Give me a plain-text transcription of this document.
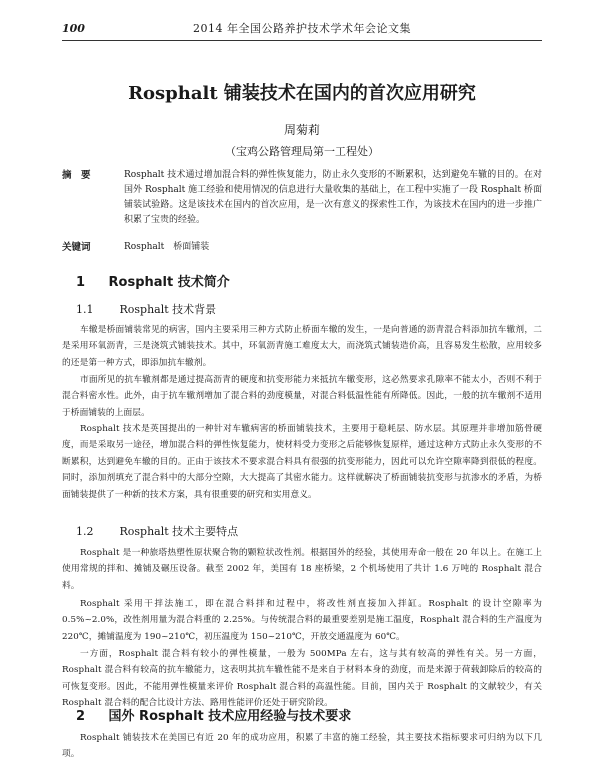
100	2014 年全国公路养护技术学术年会论文集
Rosphalt 铺装技术在国内的首次应用研究
周菊莉
（宝鸡公路管理局第一工程处）
摘　要	Rosphalt 技术通过增加混合料的弹性恢复能力，防止永久变形的不断累积，达到避免车辙的目的。在对国外 Rosphalt 施工经验和使用情况的信息进行大量收集的基础上，在工程中实施了一段 Rosphalt 桥面铺装试验路。这是该技术在国内的首次应用，是一次有意义的探索性工作，为该技术在国内的进一步推广积累了宝贵的经验。
关键词	Rosphalt　桥面铺装
1 Rosphalt 技术简介
1.1 Rosphalt 技术背景
车辙是桥面铺装常见的病害，国内主要采用三种方式防止桥面车辙的发生，一是向普通的沥青混合料添加抗车辙剂，二是采用环氧沥青，三是浇筑式铺装技术。其中，环氧沥青施工难度太大，而浇筑式铺装造价高，且容易发生松散，应用较多的还是第一种方式，即添加抗车辙剂。
市面所见的抗车辙剂都是通过提高沥青的硬度和抗变形能力来抵抗车辙变形，这必然要求孔隙率不能太小，否则不利于混合料密水性。此外，由于抗车辙剂增加了混合料的劲度模量，对混合料低温性能有所降低。因此，一般的抗车辙剂不适用于桥面铺装的上面层。
Rosphalt 技术是英国提出的一种针对车辙病害的桥面铺装技术，主要用于稳耗层、防水层。其原理并非增加筋骨硬度，而是采取另一途径，增加混合料的弹性恢复能力，使材料受力变形之后能够恢复原样，通过这种方式防止永久变形的不断累积，达到避免车辙的目的。正由于该技术不要求混合料具有很强的抗变形能力，因此可以允许空隙率降到很低的程度。同时，添加剂填充了混合料中的大部分空隙，大大提高了其密水能力。这样就解决了桥面铺装抗变形与抗渗水的矛盾，为桥面铺装提供了一种新的技术方案，具有很重要的研究和实用意义。
1.2 Rosphalt 技术主要特点
Rosphalt 是一种旅塔热塑性原状聚合物的颗粒状改性剂。根据国外的经验，其使用寿命一般在 20 年以上。在施工上使用常规的拌和、摊铺及碾压设备。截至 2002 年，美国有 18 座桥梁，2 个机场使用了共计 1.6 万吨的 Rosphalt 混合料。
Rosphalt 采用干拌法施工，即在混合料拌和过程中，将改性剂直接加入拌缸。Rosphalt 的设计空隙率为 0.5%~2.0%，改性剂用量为混合料重的 2.25%。与传统混合料的最重要差别是施工温度，Rosphalt 混合料的生产温度为 220℃，摊铺温度为 190~210℃，初压温度为 150~210℃，开放交通温度为 60℃。
一方面，Rosphalt 混合料有较小的弹性模量，一般为 500MPa 左右，这与其有较高的弹性有关。另一方面，Rosphalt 混合料有较高的抗车辙能力，这表明其抗车辙性能不是来自于材料本身的劲度，而是来源于荷载卸除后的较高的可恢复变形。因此，不能用弹性模量来评价 Rosphalt 混合料的高温性能。目前，国内关于 Rosphalt 的文献较少，有关 Rosphalt 混合料的配合比设计方法、路用性能评价还处于研究阶段。
2 国外 Rosphalt 技术应用经验与技术要求
Rosphalt 铺装技术在美国已有近 20 年的成功应用，积累了丰富的施工经验，其主要技术指标要求可归纳为以下几项。
